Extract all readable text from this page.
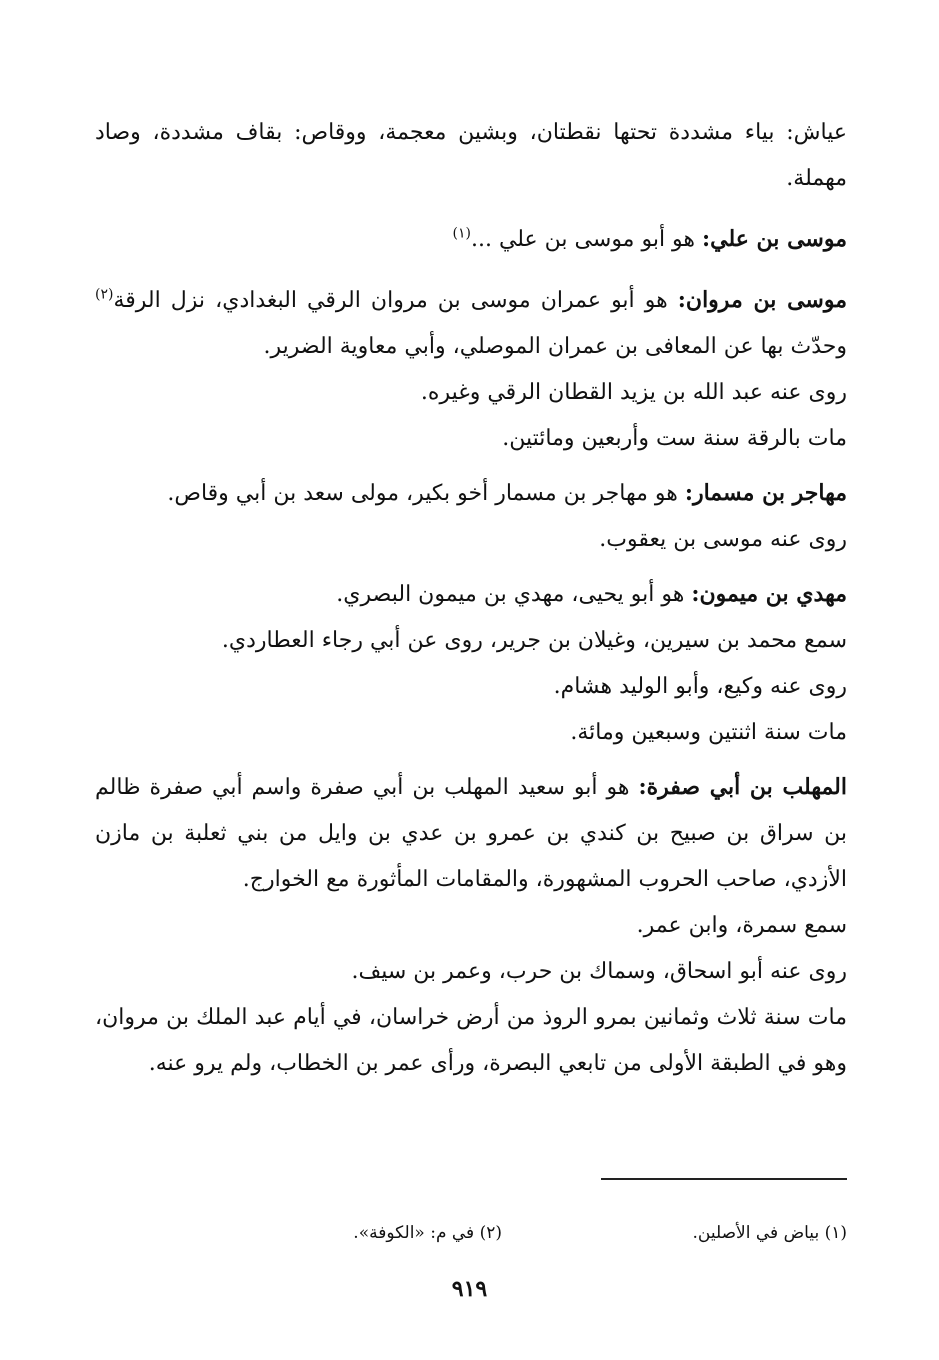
عياش: بياء مشددة تحتها نقطتان، وبشين معجمة، ووقاص: بقاف مشددة، وصاد مهملة.

موسى بن علي: هو أبو موسى بن علي ...$^{(١)}$

موسى بن مروان: هو أبو عمران موسى بن مروان الرقي البغدادي، نزل الرقة$^{(٢)}$ وحدّث بها عن المعافى بن عمران الموصلي، وأبي معاوية الضرير.

روى عنه عبد الله بن يزيد القطان الرقي وغيره.

مات بالرقة سنة ست وأربعين ومائتين.

مهاجر بن مسمار: هو مهاجر بن مسمار أخو بكير، مولى سعد بن أبي وقاص.

روى عنه موسى بن يعقوب.

مهدي بن ميمون: هو أبو يحيى، مهدي بن ميمون البصري.

سمع محمد بن سيرين، وغيلان بن جرير، روى عن أبي رجاء العطاردي.

روى عنه وكيع، وأبو الوليد هشام.

مات سنة اثنتين وسبعين ومائة.

المهلب بن أبي صفرة: هو أبو سعيد المهلب بن أبي صفرة واسم أبي صفرة ظالم بن سراق بن صبيح بن كندي بن عمرو بن عدي بن وايل من بني ثعلبة بن مازن الأزدي، صاحب الحروب المشهورة، والمقامات المأثورة مع الخوارج.

سمع سمرة، وابن عمر.

روى عنه أبو اسحاق، وسماك بن حرب، وعمر بن سيف.

مات سنة ثلاث وثمانين بمرو الروذ من أرض خراسان، في أيام عبد الملك بن مروان، وهو في الطبقة الأولى من تابعي البصرة، ورأى عمر بن الخطاب، ولم يرو عنه.

(١) بياض في الأصلين.
(٢) في م: «الكوفة».
٩١٩
